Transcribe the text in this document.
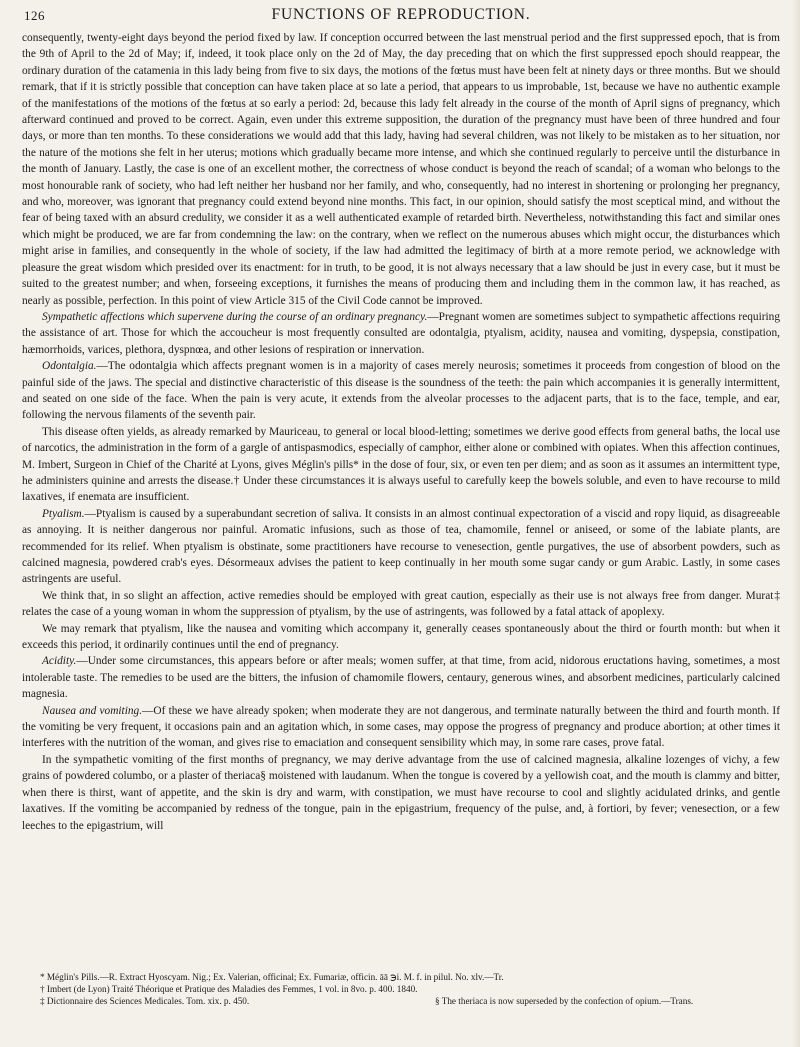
126	FUNCTIONS OF REPRODUCTION.

consequently, twenty-eight days beyond the period fixed by law. If conception occurred between the last menstrual period and the first suppressed epoch, that is from the 9th of April to the 2d of May; if, indeed, it took place only on the 2d of May, the day preceding that on which the first suppressed epoch should reappear, the ordinary duration of the catamenia in this lady being from five to six days, the motions of the fœtus must have been felt at ninety days or three months. But we should remark, that if it is strictly possible that conception can have taken place at so late a period, that appears to us improbable, 1st, because we have no authentic example of the manifestations of the motions of the fœtus at so early a period: 2d, because this lady felt already in the course of the month of April signs of pregnancy, which afterward continued and proved to be correct. Again, even under this extreme supposition, the duration of the pregnancy must have been of three hundred and four days, or more than ten months. To these considerations we would add that this lady, having had several children, was not likely to be mistaken as to her situation, nor the nature of the motions she felt in her uterus; motions which gradually became more intense, and which she continued regularly to perceive until the disturbance in the month of January. Lastly, the case is one of an excellent mother, the correctness of whose conduct is beyond the reach of scandal; of a woman who belongs to the most honourable rank of society, who had left neither her husband nor her family, and who, consequently, had no interest in shortening or prolonging her pregnancy, and who, moreover, was ignorant that pregnancy could extend beyond nine months. This fact, in our opinion, should satisfy the most sceptical mind, and without the fear of being taxed with an absurd credulity, we consider it as a well authenticated example of retarded birth. Nevertheless, notwithstanding this fact and similar ones which might be produced, we are far from condemning the law: on the contrary, when we reflect on the numerous abuses which might occur, the disturbances which might arise in families, and consequently in the whole of society, if the law had admitted the legitimacy of birth at a more remote period, we acknowledge with pleasure the great wisdom which presided over its enactment: for in truth, to be good, it is not always necessary that a law should be just in every case, but it must be suited to the greatest number; and when, forseeing exceptions, it furnishes the means of producing them and including them in the common law, it has reached, as nearly as possible, perfection. In this point of view Article 315 of the Civil Code cannot be improved.

Sympathetic affections which supervene during the course of an ordinary pregnancy.—Pregnant women are sometimes subject to sympathetic affections requiring the assistance of art. Those for which the accoucheur is most frequently consulted are odontalgia, ptyalism, acidity, nausea and vomiting, dyspepsia, constipation, hæmorrhoids, varices, plethora, dyspnœa, and other lesions of respiration or innervation.

Odontalgia.—The odontalgia which affects pregnant women is in a majority of cases merely neurosis; sometimes it proceeds from congestion of blood on the painful side of the jaws. The special and distinctive characteristic of this disease is the soundness of the teeth: the pain which accompanies it is generally intermittent, and seated on one side of the face. When the pain is very acute, it extends from the alveolar processes to the adjacent parts, that is to the face, temple, and ear, following the nervous filaments of the seventh pair.

This disease often yields, as already remarked by Mauriceau, to general or local blood-letting; sometimes we derive good effects from general baths, the local use of narcotics, the administration in the form of a gargle of antispasmodics, especially of camphor, either alone or combined with opiates. When this affection continues, M. Imbert, Surgeon in Chief of the Charité at Lyons, gives Méglin's pills* in the dose of four, six, or even ten per diem; and as soon as it assumes an intermittent type, he administers quinine and arrests the disease.† Under these circumstances it is always useful to carefully keep the bowels soluble, and even to have recourse to mild laxatives, if enemata are insufficient.

Ptyalism.—Ptyalism is caused by a superabundant secretion of saliva. It consists in an almost continual expectoration of a viscid and ropy liquid, as disagreeable as annoying. It is neither dangerous nor painful. Aromatic infusions, such as those of tea, chamomile, fennel or aniseed, or some of the labiate plants, are recommended for its relief. When ptyalism is obstinate, some practitioners have recourse to venesection, gentle purgatives, the use of absorbent powders, such as calcined magnesia, powdered crab's eyes. Désormeaux advises the patient to keep continually in her mouth some sugar candy or gum Arabic. Lastly, in some cases astringents are useful.

We think that, in so slight an affection, active remedies should be employed with great caution, especially as their use is not always free from danger. Murat‡ relates the case of a young woman in whom the suppression of ptyalism, by the use of astringents, was followed by a fatal attack of apoplexy.

We may remark that ptyalism, like the nausea and vomiting which accompany it, generally ceases spontaneously about the third or fourth month: but when it exceeds this period, it ordinarily continues until the end of pregnancy.

Acidity.—Under some circumstances, this appears before or after meals; women suffer, at that time, from acid, nidorous eructations having, sometimes, a most intolerable taste. The remedies to be used are the bitters, the infusion of chamomile flowers, centaury, generous wines, and absorbent medicines, particularly calcined magnesia.

Nausea and vomiting.—Of these we have already spoken; when moderate they are not dangerous, and terminate naturally between the third and fourth month. If the vomiting be very frequent, it occasions pain and an agitation which, in some cases, may oppose the progress of pregnancy and produce abortion; at other times it interferes with the nutrition of the woman, and gives rise to emaciation and consequent sensibility which may, in some rare cases, prove fatal.

In the sympathetic vomiting of the first months of pregnancy, we may derive advantage from the use of calcined magnesia, alkaline lozenges of vichy, a few grains of powdered columbo, or a plaster of theriaca§ moistened with laudanum. When the tongue is covered by a yellowish coat, and the mouth is clammy and bitter, when there is thirst, want of appetite, and the skin is dry and warm, with constipation, we must have recourse to cool and slightly acidulated drinks, and gentle laxatives. If the vomiting be accompanied by redness of the tongue, pain in the epigastrium, frequency of the pulse, and, à fortiori, by fever; venesection, or a few leeches to the epigastrium, will

* Méglin's Pills.—R. Extract Hyoscyam. Nig.; Ex. Valerian, officinal; Ex. Fumariæ, officin. āā ℈i. M. f. in pilul. No. xlv.—Tr.

† Imbert (de Lyon) Traité Théorique et Pratique des Maladies des Femmes, 1 vol. in 8vo. p. 400. 1840.

‡ Dictionnaire des Sciences Medicales. Tom. xix. p. 450.	§ The theriaca is now superseded by the confection of opium.—Trans.
